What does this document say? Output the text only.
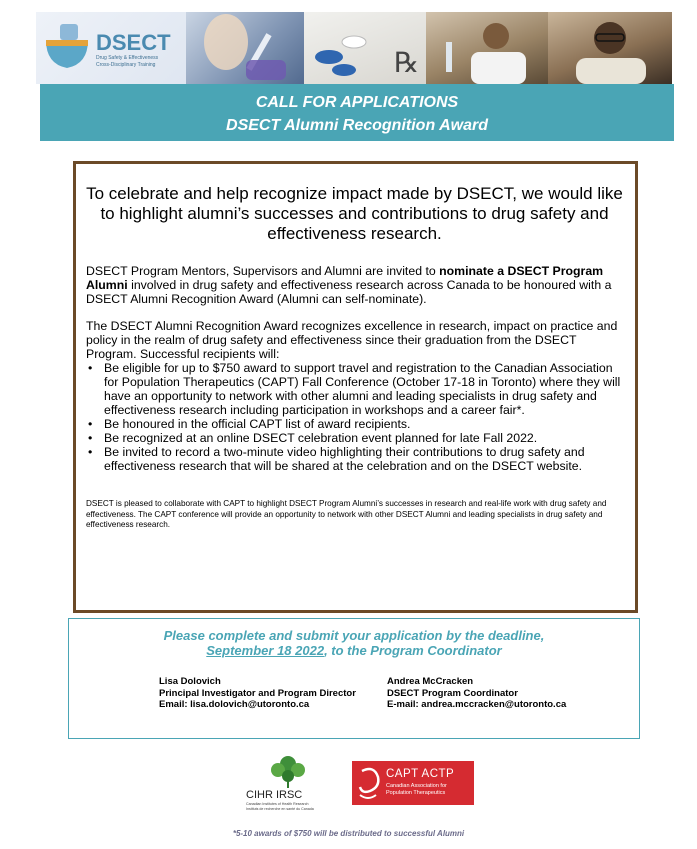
DSECT
Drug Safety & Effectiveness
Cross-Disciplinary Training	℞
CALL FOR APPLICATIONS
DSECT Alumni Recognition Award

To celebrate and help recognize impact made by DSECT, we would like to highlight alumni’s successes and contributions to drug safety and effectiveness research.

DSECT Program Mentors, Supervisors and Alumni are invited to nominate a DSECT Program Alumni involved in drug safety and effectiveness research across Canada to be honoured with a DSECT Alumni Recognition Award (Alumni can self-nominate).

The DSECT Alumni Recognition Award recognizes excellence in research, impact on practice and policy in the realm of drug safety and effectiveness since their graduation from the DSECT Program. Successful recipients will:

• Be eligible for up to $750 award to support travel and registration to the Canadian Association for Population Therapeutics (CAPT) Fall Conference (October 17-18 in Toronto) where they will have an opportunity to network with other alumni and leading specialists in drug safety and effectiveness research including participation in workshops and a career fair*.
• Be honoured in the official CAPT list of award recipients.
• Be recognized at an online DSECT celebration event planned for late Fall 2022.
• Be invited to record a two-minute video highlighting their contributions to drug safety and effectiveness research that will be shared at the celebration and on the DSECT website.

DSECT is pleased to collaborate with CAPT to highlight DSECT Program Alumni’s successes in research and real-life work with drug safety and effectiveness. The CAPT conference will provide an opportunity to network with other DSECT Alumni and leading specialists in drug safety and effectiveness research.

Please complete and submit your application by the deadline,
September 18 2022, to the Program Coordinator
Lisa Dolovich
Principal Investigator and Program Director
Email: lisa.dolovich@utoronto.ca
Andrea McCracken
DSECT Program Coordinator
E-mail: andrea.mccracken@utoronto.ca
CIHR IRSC
Canadian Institutes of Health Research
Instituts de recherche en santé du Canada
CAPT ACTP
Canadian Association for
Population Therapeutics
*5-10 awards of $750 will be distributed to successful Alumni
